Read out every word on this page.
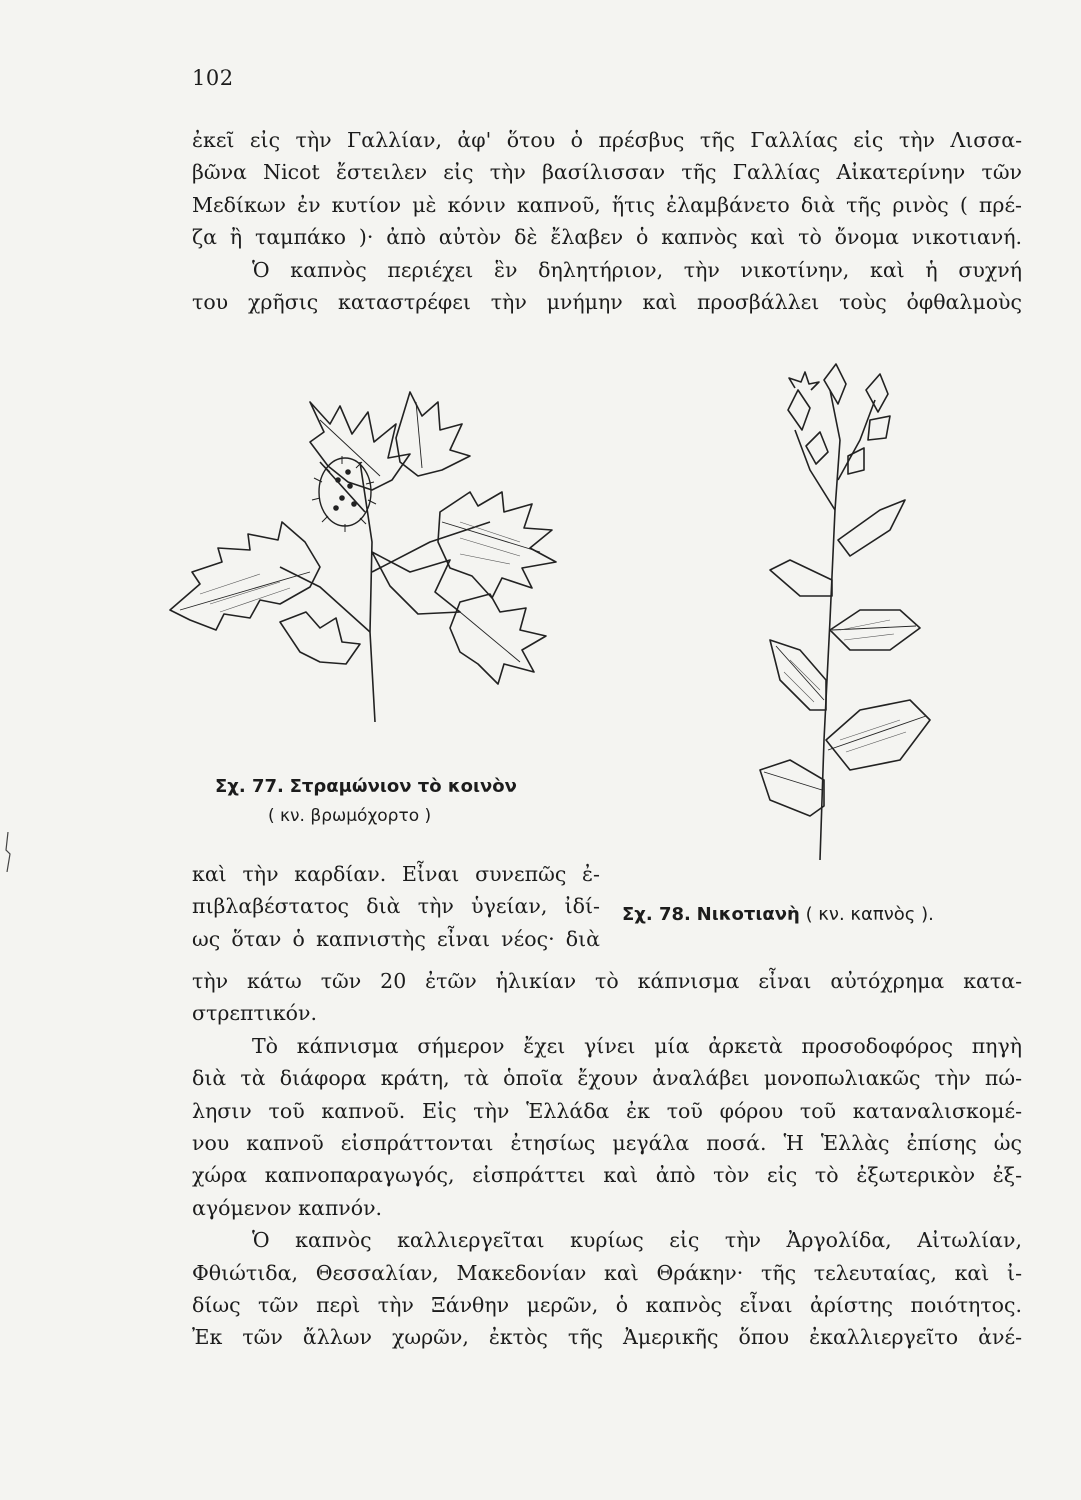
102
ἐκεῖ εἰς τὴν Γαλλίαν, ἀφ' ὅτου ὁ πρέσβυς τῆς Γαλλίας εἰς τὴν Λισσα-
βῶνα Nicot ἔστειλεν εἰς τὴν βασίλισσαν τῆς Γαλλίας Αἰκατερίνην τῶν
Μεδίκων ἐν κυτίον μὲ κόνιν καπνοῦ, ἥτις ἐλαμβάνετο διὰ τῆς ρινὸς ( πρέ-
ζα ἢ ταμπάκο )· ἀπὸ αὐτὸν δὲ ἔλαβεν ὁ καπνὸς καὶ τὸ ὄνομα νικοτιανή.
Ὁ καπνὸς περιέχει ἓν δηλητήριον, τὴν νικοτίνην, καὶ ἡ συχνή
του χρῆσις καταστρέφει τὴν μνήμην καὶ προσβάλλει τοὺς ὀφθαλμοὺς
Σχ. 77. Στραμώνιον τὸ κοινὸν
( κν. βρωμόχορτο )
Σχ. 78. Νικοτιανὴ ( κν. καπνὸς ).
καὶ τὴν καρδίαν. Εἶναι συνεπῶς ἐ-
πιβλαβέστατος διὰ τὴν ὑγείαν, ἰδί-
ως ὅταν ὁ καπνιστὴς εἶναι νέος· διὰ
τὴν κάτω τῶν 20 ἐτῶν ἡλικίαν τὸ κάπνισμα εἶναι αὐτόχρημα κατα-
στρεπτικόν.
Τὸ κάπνισμα σήμερον ἔχει γίνει μία ἀρκετὰ προσοδοφόρος πηγὴ
διὰ τὰ διάφορα κράτη, τὰ ὁποῖα ἔχουν ἀναλάβει μονοπωλιακῶς τὴν πώ-
λησιν τοῦ καπνοῦ. Εἰς τὴν Ἑλλάδα ἐκ τοῦ φόρου τοῦ καταναλισκομέ-
νου καπνοῦ εἰσπράττονται ἐτησίως μεγάλα ποσά. Ἡ Ἑλλὰς ἐπίσης ὡς
χώρα καπνοπαραγωγός, εἰσπράττει καὶ ἀπὸ τὸν εἰς τὸ ἐξωτερικὸν ἐξ-
αγόμενον καπνόν.
Ὁ καπνὸς καλλιεργεῖται κυρίως εἰς τὴν Ἀργολίδα, Αἰτωλίαν,
Φθιώτιδα, Θεσσαλίαν, Μακεδονίαν καὶ Θράκην· τῆς τελευταίας, καὶ ἰ-
δίως τῶν περὶ τὴν Ξάνθην μερῶν, ὁ καπνὸς εἶναι ἀρίστης ποιότητος.
Ἐκ τῶν ἄλλων χωρῶν, ἐκτὸς τῆς Ἀμερικῆς ὅπου ἐκαλλιεργεῖτο ἀνέ-
